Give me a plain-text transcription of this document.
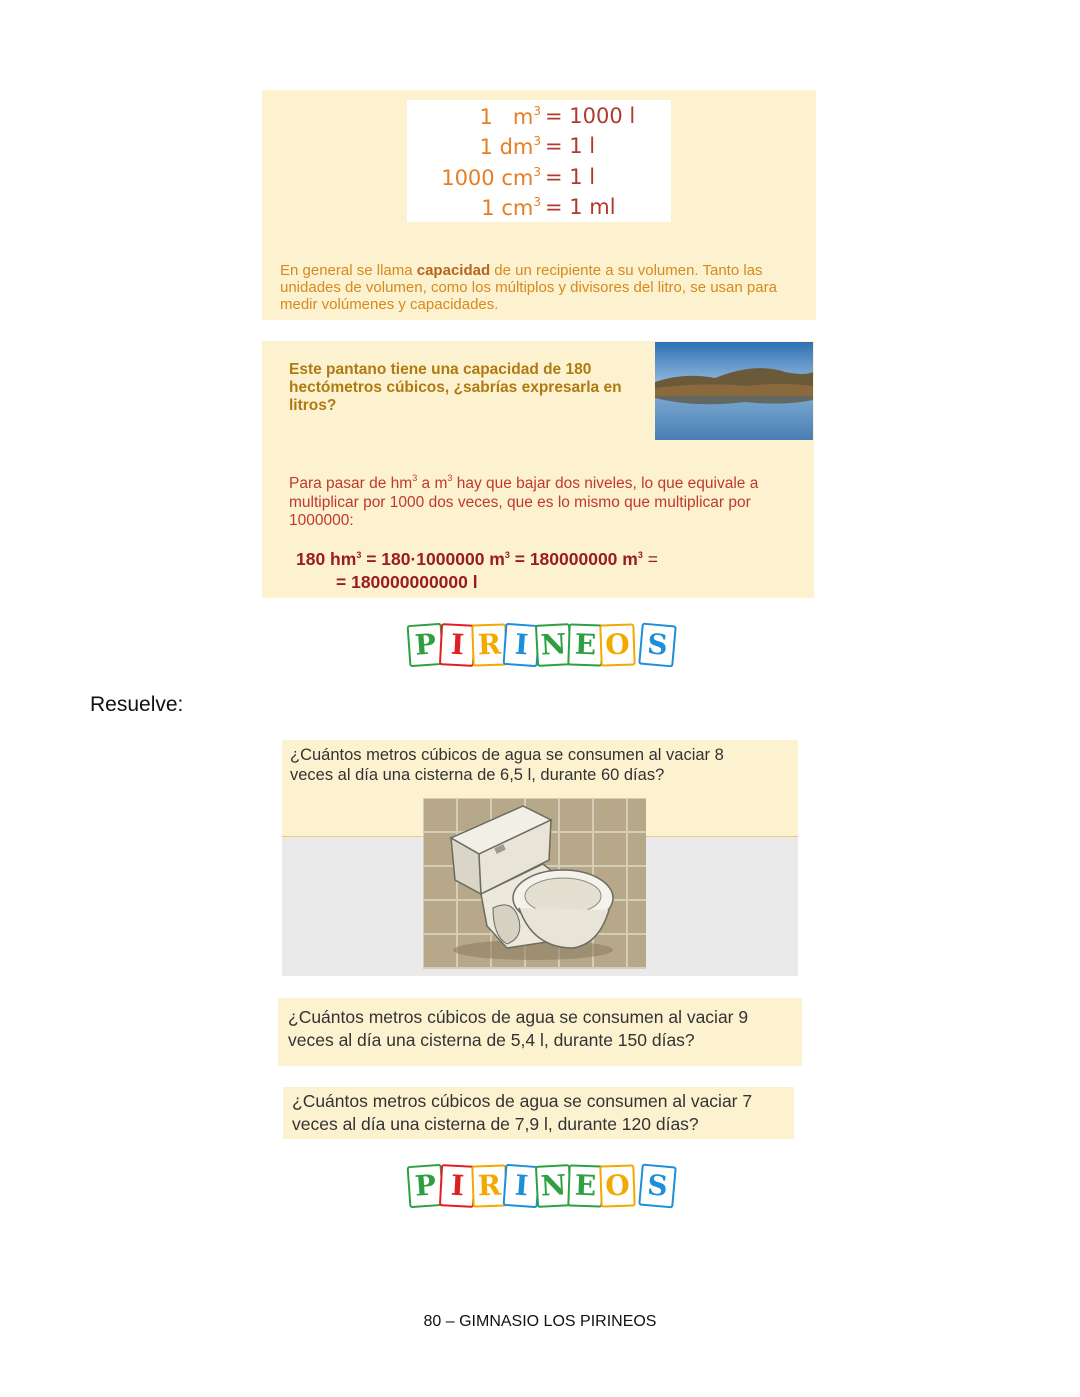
1 $m^3 = 1000$ l
1 $dm^3 = 1$ l
1000 $cm^3 = 1$ l
1 $cm^3 = 1$ ml
En general se llama capacidad de un recipiente a su volumen. Tanto las unidades de volumen, como los múltiplos y divisores del litro, se usan para medir volúmenes y capacidades.
Este pantano tiene una capacidad de 180 hectómetros cúbicos, ¿sabrías expresarla en litros?
Para pasar de $hm^3$ a $m^3$ hay que bajar dos niveles, lo que equivale a multiplicar por 1000 dos veces, que es lo mismo que multiplicar por 1000000:
180 $hm^3 = 180\cdot 1000000$ $m^3 = 180000000$ $m^3$ =
= 180000000000 l
P I R I N E O S
Resuelve:
¿Cuántos metros cúbicos de agua se consumen al vaciar 8
veces al día una cisterna de 6,5 l, durante 60 días?
¿Cuántos metros cúbicos de agua se consumen al vaciar 9
veces al día una cisterna de 5,4 l, durante 150 días?
¿Cuántos metros cúbicos de agua se consumen al vaciar 7
veces al día una cisterna de 7,9 l, durante 120 días?
P I R I N E O S
80 – GIMNASIO LOS PIRINEOS
